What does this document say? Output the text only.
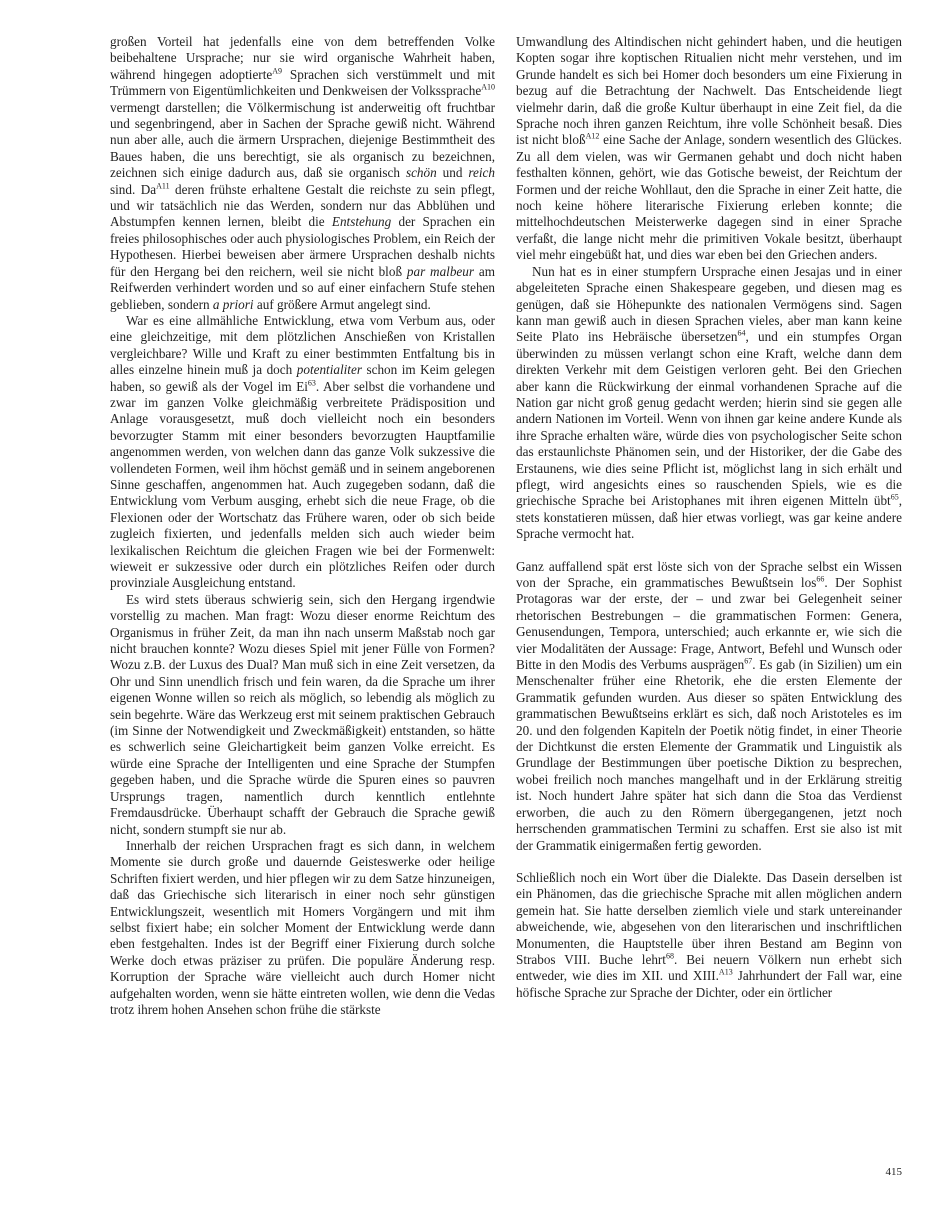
großen Vorteil hat jedenfalls eine von dem betreffenden Volke beibehaltene Ursprache; nur sie wird organische Wahrheit haben, während hingegen adoptierte$^{A9}$ Sprachen sich verstümmelt und mit Trümmern von Eigentümlichkeiten und Denkweisen der Volkssprache$^{A10}$ vermengt darstellen; die Völkermischung ist anderweitig oft fruchtbar und segenbringend, aber in Sachen der Sprache gewiß nicht. Während nun aber alle, auch die ärmern Ursprachen, diejenige Bestimmtheit des Baues haben, die uns berechtigt, sie als organisch zu bezeichnen, zeichnen sich einige dadurch aus, daß sie organisch schön und reich sind. $Da^{A11}$ deren frühste erhaltene Gestalt die reichste zu sein pflegt, und wir tatsächlich nie das Werden, sondern nur das Abblühen und Abstumpfen kennen lernen, bleibt die Entstehung der Sprachen ein freies philosophisches oder auch physiologisches Problem, ein Reich der Hypothesen. Hierbei beweisen aber ärmere Ursprachen deshalb nichts für den Hergang bei den reichern, weil sie nicht bloß par malbeur am Reifwerden verhindert worden und so auf einer einfachern Stufe stehen geblieben, sondern a priori auf größere Armut angelegt sind.

War es eine allmähliche Entwicklung, etwa vom Verbum aus, oder eine gleichzeitige, mit dem plötzlichen Anschießen von Kristallen vergleichbare? Wille und Kraft zu einer bestimmten Entfaltung bis in alles einzelne hinein muß ja doch potentialiter schon im Keim gelegen haben, so gewiß als der Vogel im Ei$^{63}$. Aber selbst die vorhandene und zwar im ganzen Volke gleichmäßig verbreitete Prädisposition und Anlage vorausgesetzt, muß doch vielleicht noch ein besonders bevorzugter Stamm mit einer besonders bevorzugten Hauptfamilie angenommen werden, von welchen dann das ganze Volk sukzessive die vollendeten Formen, weil ihm höchst gemäß und in seinem angeborenen Sinne geschaffen, angenommen hat. Auch zugegeben sodann, daß die Entwicklung vom Verbum ausging, erhebt sich die neue Frage, ob die Flexionen oder der Wortschatz das Frühere waren, oder ob sich beide zugleich fixierten, und jedenfalls melden sich auch wieder beim lexikalischen Reichtum die gleichen Fragen wie bei der Formenwelt: wieweit er sukzessive oder durch ein plötzliches Reifen oder durch provinziale Ausgleichung entstand.

Es wird stets überaus schwierig sein, sich den Hergang irgendwie vorstellig zu machen. Man fragt: Wozu dieser enorme Reichtum des Organismus in früher Zeit, da man ihn nach unserm Maßstab noch gar nicht brauchen konnte? Wozu dieses Spiel mit jener Fülle von Formen? Wozu z.B. der Luxus des Dual? Man muß sich in eine Zeit versetzen, da Ohr und Sinn unendlich frisch und fein waren, da die Sprache um ihrer eigenen Wonne willen so reich als möglich, so lebendig als möglich zu sein begehrte. Wäre das Werkzeug erst mit seinem praktischen Gebrauch (im Sinne der Notwendigkeit und Zweckmäßigkeit) entstanden, so hätte es schwerlich seine Gleichartigkeit beim ganzen Volke erreicht. Es würde eine Sprache der Intelligenten und eine Sprache der Stumpfen gegeben haben, und die Sprache würde die Spuren eines so pauvren Ursprungs tragen, namentlich durch kenntlich entlehnte Fremdausdrücke. Überhaupt schafft der Gebrauch die Sprache gewiß nicht, sondern stumpft sie nur ab.

Innerhalb der reichen Ursprachen fragt es sich dann, in welchem Momente sie durch große und dauernde Geisteswerke oder heilige Schriften fixiert werden, und hier pflegen wir zu dem Satze hinzuneigen, daß das Griechische sich literarisch in einer noch sehr günstigen Entwicklungszeit, wesentlich mit Homers Vorgängern und mit ihm selbst fixiert habe; ein solcher Moment der Entwicklung werde dann eben festgehalten. Indes ist der Begriff einer Fixierung durch solche Werke doch etwas präziser zu prüfen. Die populäre Änderung resp. Korruption der Sprache wäre vielleicht auch durch Homer nicht aufgehalten worden, wenn sie hätte eintreten wollen, wie denn die Vedas trotz ihrem hohen Ansehen schon frühe die stärkste

Umwandlung des Altindischen nicht gehindert haben, und die heutigen Kopten sogar ihre koptischen Ritualien nicht mehr verstehen, und im Grunde handelt es sich bei Homer doch besonders um eine Fixierung in bezug auf die Betrachtung der Nachwelt. Das Entscheidende liegt vielmehr darin, daß die große Kultur überhaupt in eine Zeit fiel, da die Sprache noch ihren ganzen Reichtum, ihre volle Schönheit besaß. Dies ist nicht bloß$^{A12}$ eine Sache der Anlage, sondern wesentlich des Glückes. Zu all dem vielen, was wir Germanen gehabt und doch nicht haben festhalten können, gehört, wie das Gotische beweist, der Reichtum der Formen und der reiche Wohllaut, den die Sprache in einer Zeit hatte, die noch keine höhere literarische Fixierung erleben konnte; die mittelhochdeutschen Meisterwerke dagegen sind in einer Sprache verfaßt, die lange nicht mehr die primitiven Vokale besitzt, überhaupt viel mehr eingebüßt hat, und dies war eben bei den Griechen anders.

Nun hat es in einer stumpfern Ursprache einen Jesajas und in einer abgeleiteten Sprache einen Shakespeare gegeben, und diesen mag es genügen, daß sie Höhepunkte des nationalen Vermögens sind. Sagen kann man gewiß auch in diesen Sprachen vieles, aber man kann keine Seite Plato ins Hebräische übersetzen$^{64}$, und ein stumpfes Organ überwinden zu müssen verlangt schon eine Kraft, welche dann dem direkten Verkehr mit dem Geistigen verloren geht. Bei den Griechen aber kann die Rückwirkung der einmal vorhandenen Sprache auf die Nation gar nicht groß genug gedacht werden; hierin sind sie gegen alle andern Nationen im Vorteil. Wenn von ihnen gar keine andere Kunde als ihre Sprache erhalten wäre, würde dies von psychologischer Seite schon das erstaunlichste Phänomen sein, und der Historiker, der die Gabe des Erstaunens, wie dies seine Pflicht ist, möglichst lang in sich erhält und pflegt, wird angesichts eines so rauschenden Spiels, wie es die griechische Sprache bei Aristophanes mit ihren eigenen Mitteln übt$^{65}$, stets konstatieren müssen, daß hier etwas vorliegt, was gar keine andere Sprache vermocht hat.

Ganz auffallend spät erst löste sich von der Sprache selbst ein Wissen von der Sprache, ein grammatisches Bewußtsein los$^{66}$. Der Sophist Protagoras war der erste, der – und zwar bei Gelegenheit seiner rhetorischen Bestrebungen – die grammatischen Formen: Genera, Genusendungen, Tempora, unterschied; auch erkannte er, wie sich die vier Modalitäten der Aussage: Frage, Antwort, Befehl und Wunsch oder Bitte in den Modis des Verbums ausprägen$^{67}$. Es gab (in Sizilien) um ein Menschenalter früher eine Rhetorik, ehe die ersten Elemente der Grammatik gefunden wurden. Aus dieser so späten Entwicklung des grammatischen Bewußtseins erklärt es sich, daß noch Aristoteles es im 20. und den folgenden Kapiteln der Poetik nötig findet, in einer Theorie der Dichtkunst die ersten Elemente der Grammatik und Linguistik als Grundlage der Bestimmungen über poetische Diktion zu besprechen, wobei freilich noch manches mangelhaft und in der Erklärung streitig ist. Noch hundert Jahre später hat sich dann die Stoa das Verdienst erworben, die auch zu den Römern übergegangenen, jetzt noch herrschenden grammatischen Termini zu schaffen. Erst sie also ist mit der Grammatik einigermaßen fertig geworden.

Schließlich noch ein Wort über die Dialekte. Das Dasein derselben ist ein Phänomen, das die griechische Sprache mit allen möglichen andern gemein hat. Sie hatte derselben ziemlich viele und stark untereinander abweichende, wie, abgesehen von den literarischen und inschriftlichen Monumenten, die Hauptstelle über ihren Bestand am Beginn von Strabos VIII. Buche lehrt$^{68}$. Bei neuern Völkern nun erhebt sich entweder, wie dies im XII. und XIII.$^{A13}$ Jahrhundert der Fall war, eine höfische Sprache zur Sprache der Dichter, oder ein örtlicher

415
